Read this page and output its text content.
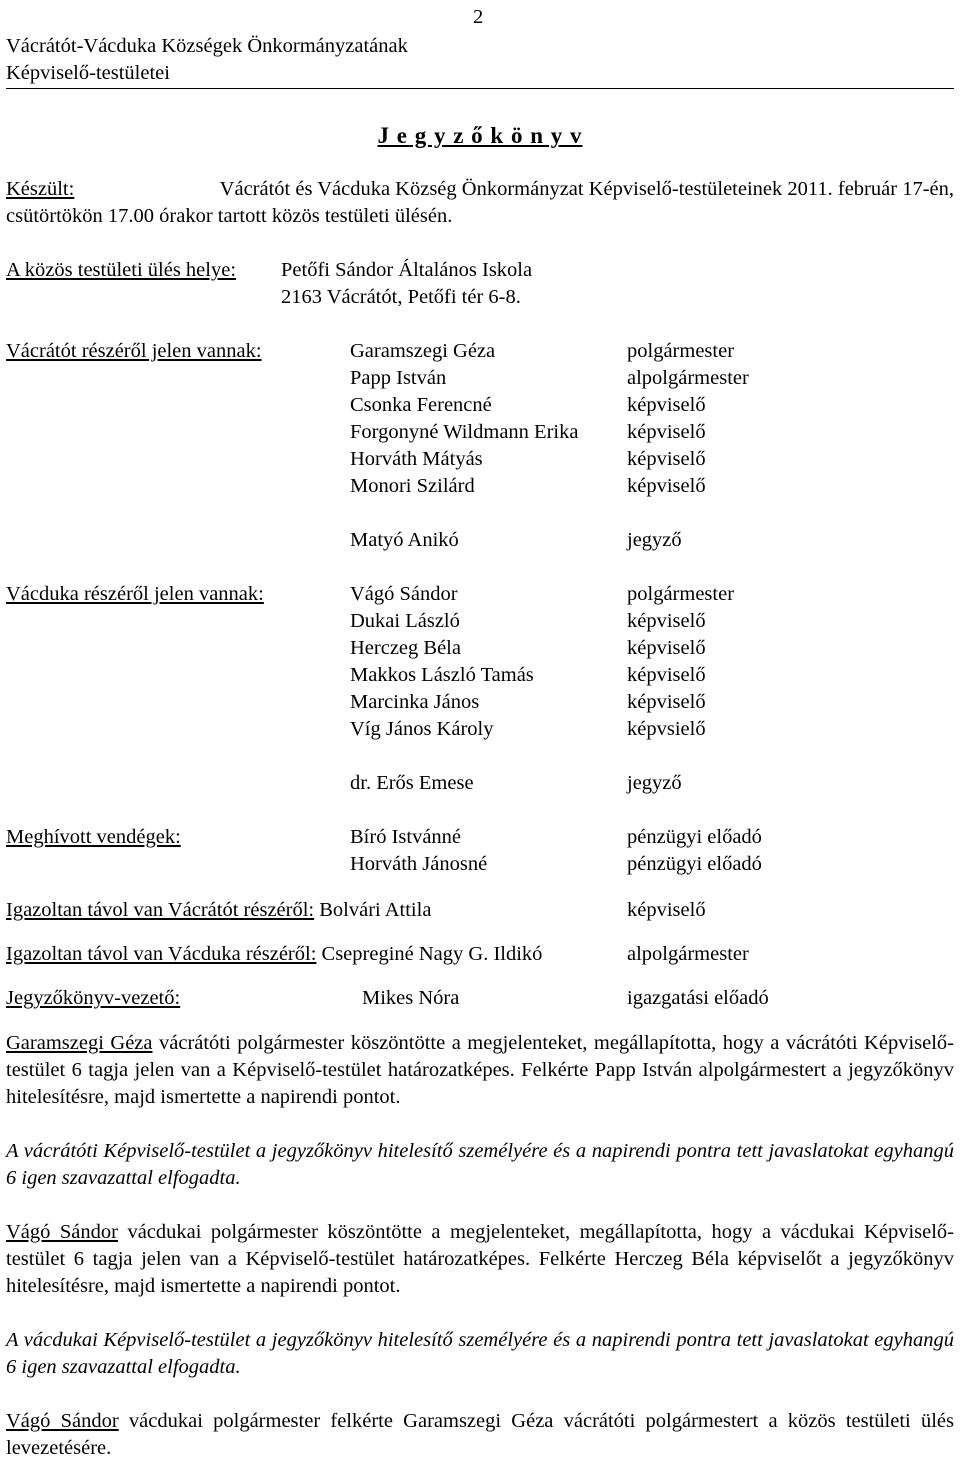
Vácrátót-Vácduka Községek Önkormányzatának
Képviselő-testületei
2
J e g y z ő k ö n y v
Készült:	Vácrátót és Vácduka Község Önkormányzat Képviselő-testületeinek 2011. február 17-én,
csütörtökön 17.00 órakor tartott közös testületi ülésén.
A közös testületi ülés helye: Petőfi Sándor Általános Iskola
2163 Vácrátót, Petőfi tér 6-8.
Vácrátót részéről jelen vannak:	Garamszegi Géza	polgármester
Papp István	alpolgármester
Csonka Ferencné	képviselő
Forgonyné Wildmann Erika képviselő
Horváth Mátyás	képviselő
Monori Szilárd	képviselő
Matyó Anikó	jegyző
Vácduka részéről jelen vannak:	Vágó Sándor	polgármester
Dukai László	képviselő
Herczeg Béla	képviselő
Makkos László Tamás	képviselő
Marcinka János	képviselő
Víg János Károly	képvsielő
dr. Erős Emese	jegyző
Meghívott vendégek:	Bíró Istvánné	pénzügyi előadó
Horváth Jánosné	pénzügyi előadó
Igazoltan távol van Vácrátót részéről: Bolvári Attila	képviselő
Igazoltan távol van Vácduka részéről: Csepreginé Nagy G. Ildikó	alpolgármester
Jegyzőkönyv-vezető:	Mikes Nóra	igazgatási előadó
Garamszegi Géza vácrátóti polgármester köszöntötte a megjelenteket, megállapította, hogy a vácrátóti Képviselő-testület 6 tagja jelen van a Képviselő-testület határozatképes. Felkérte Papp István alpolgármestert a jegyzőkönyv hitelesítésre, majd ismertette a napirendi pontot.
A vácrátóti Képviselő-testület a jegyzőkönyv hitelesítő személyére és a napirendi pontra tett javaslatokat egyhangú 6 igen szavazattal elfogadta.
Vágó Sándor vácdukai polgármester köszöntötte a megjelenteket, megállapította, hogy a vácdukai Képviselő-testület 6 tagja jelen van a Képviselő-testület határozatképes. Felkérte Herczeg Béla képviselőt a jegyzőkönyv hitelesítésre, majd ismertette a napirendi pontot.
A vácdukai Képviselő-testület a jegyzőkönyv hitelesítő személyére és a napirendi pontra tett javaslatokat egyhangú 6 igen szavazattal elfogadta.
Vágó Sándor vácdukai polgármester felkérte Garamszegi Géza vácrátóti polgármestert a közös testületi ülés levezetésére.
